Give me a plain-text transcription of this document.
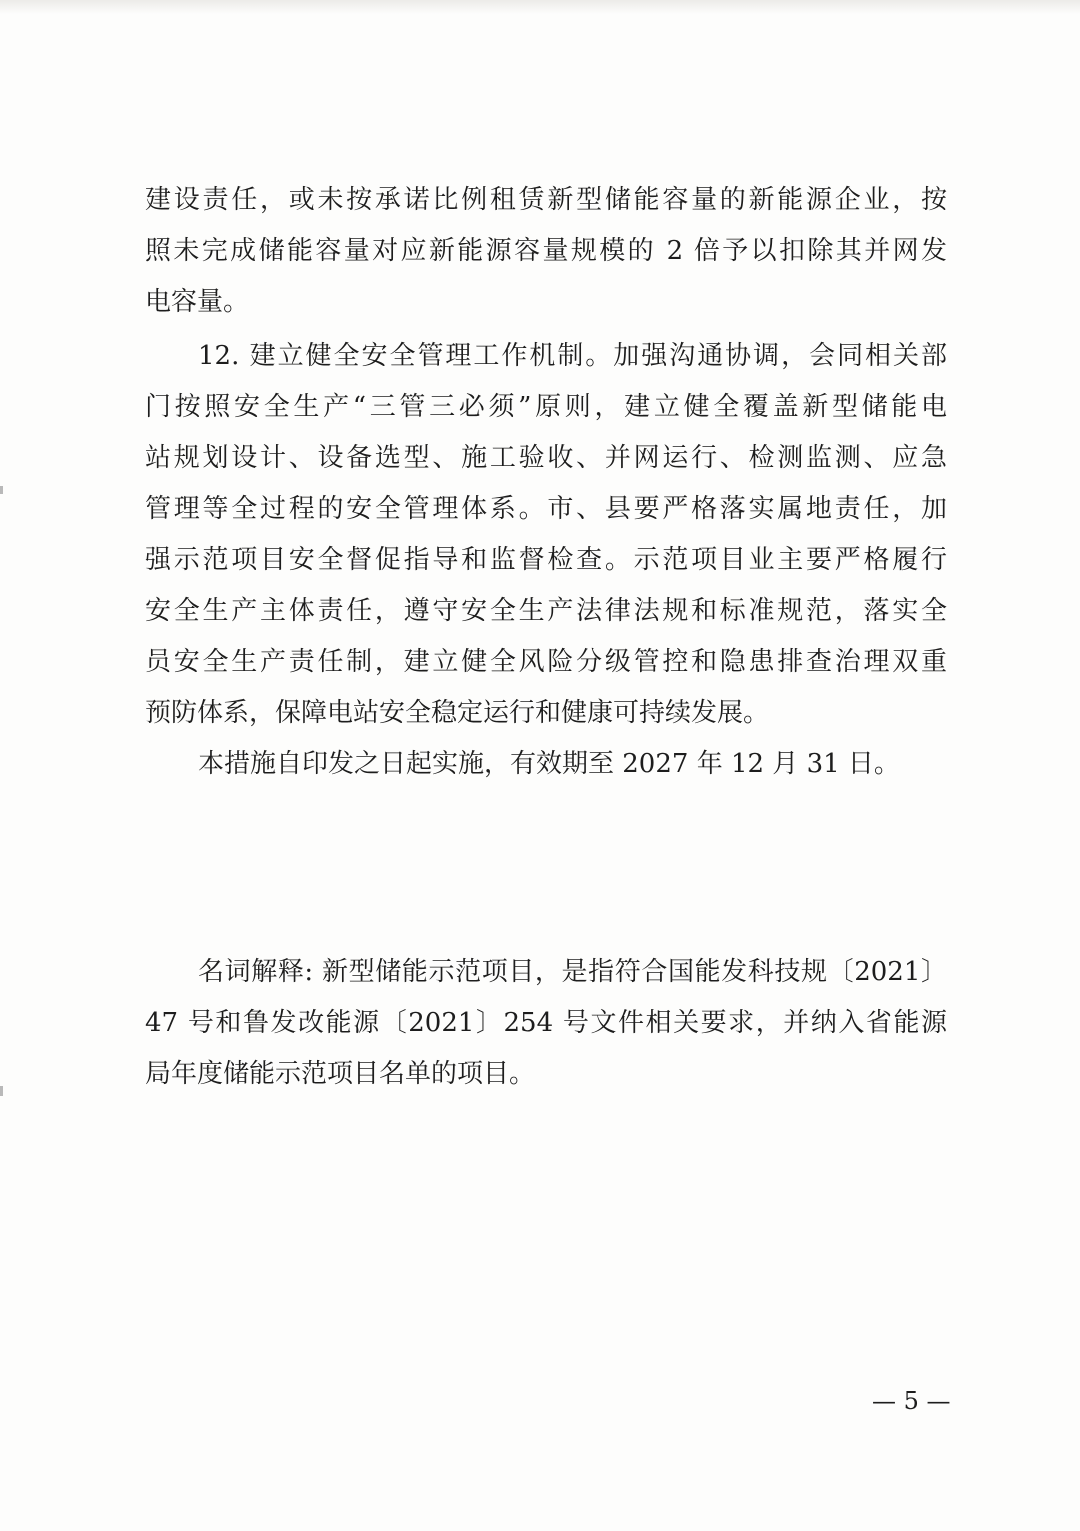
建设责任，或未按承诺比例租赁新型储能容量的新能源企业，按

照未完成储能容量对应新能源容量规模的 2 倍予以扣除其并网发

电容量。

12. 建立健全安全管理工作机制。加强沟通协调，会同相关部

门按照安全生产“三管三必须”原则，建立健全覆盖新型储能电

站规划设计、设备选型、施工验收、并网运行、检测监测、应急

管理等全过程的安全管理体系。市、县要严格落实属地责任，加

强示范项目安全督促指导和监督检查。示范项目业主要严格履行

安全生产主体责任，遵守安全生产法律法规和标准规范，落实全

员安全生产责任制，建立健全风险分级管控和隐患排查治理双重

预防体系，保障电站安全稳定运行和健康可持续发展。

本措施自印发之日起实施，有效期至 2027 年 12 月 31 日。

名词解释: 新型储能示范项目，是指符合国能发科技规〔2021〕

47 号和鲁发改能源〔2021〕254 号文件相关要求，并纳入省能源

局年度储能示范项目名单的项目。

— 5 —
